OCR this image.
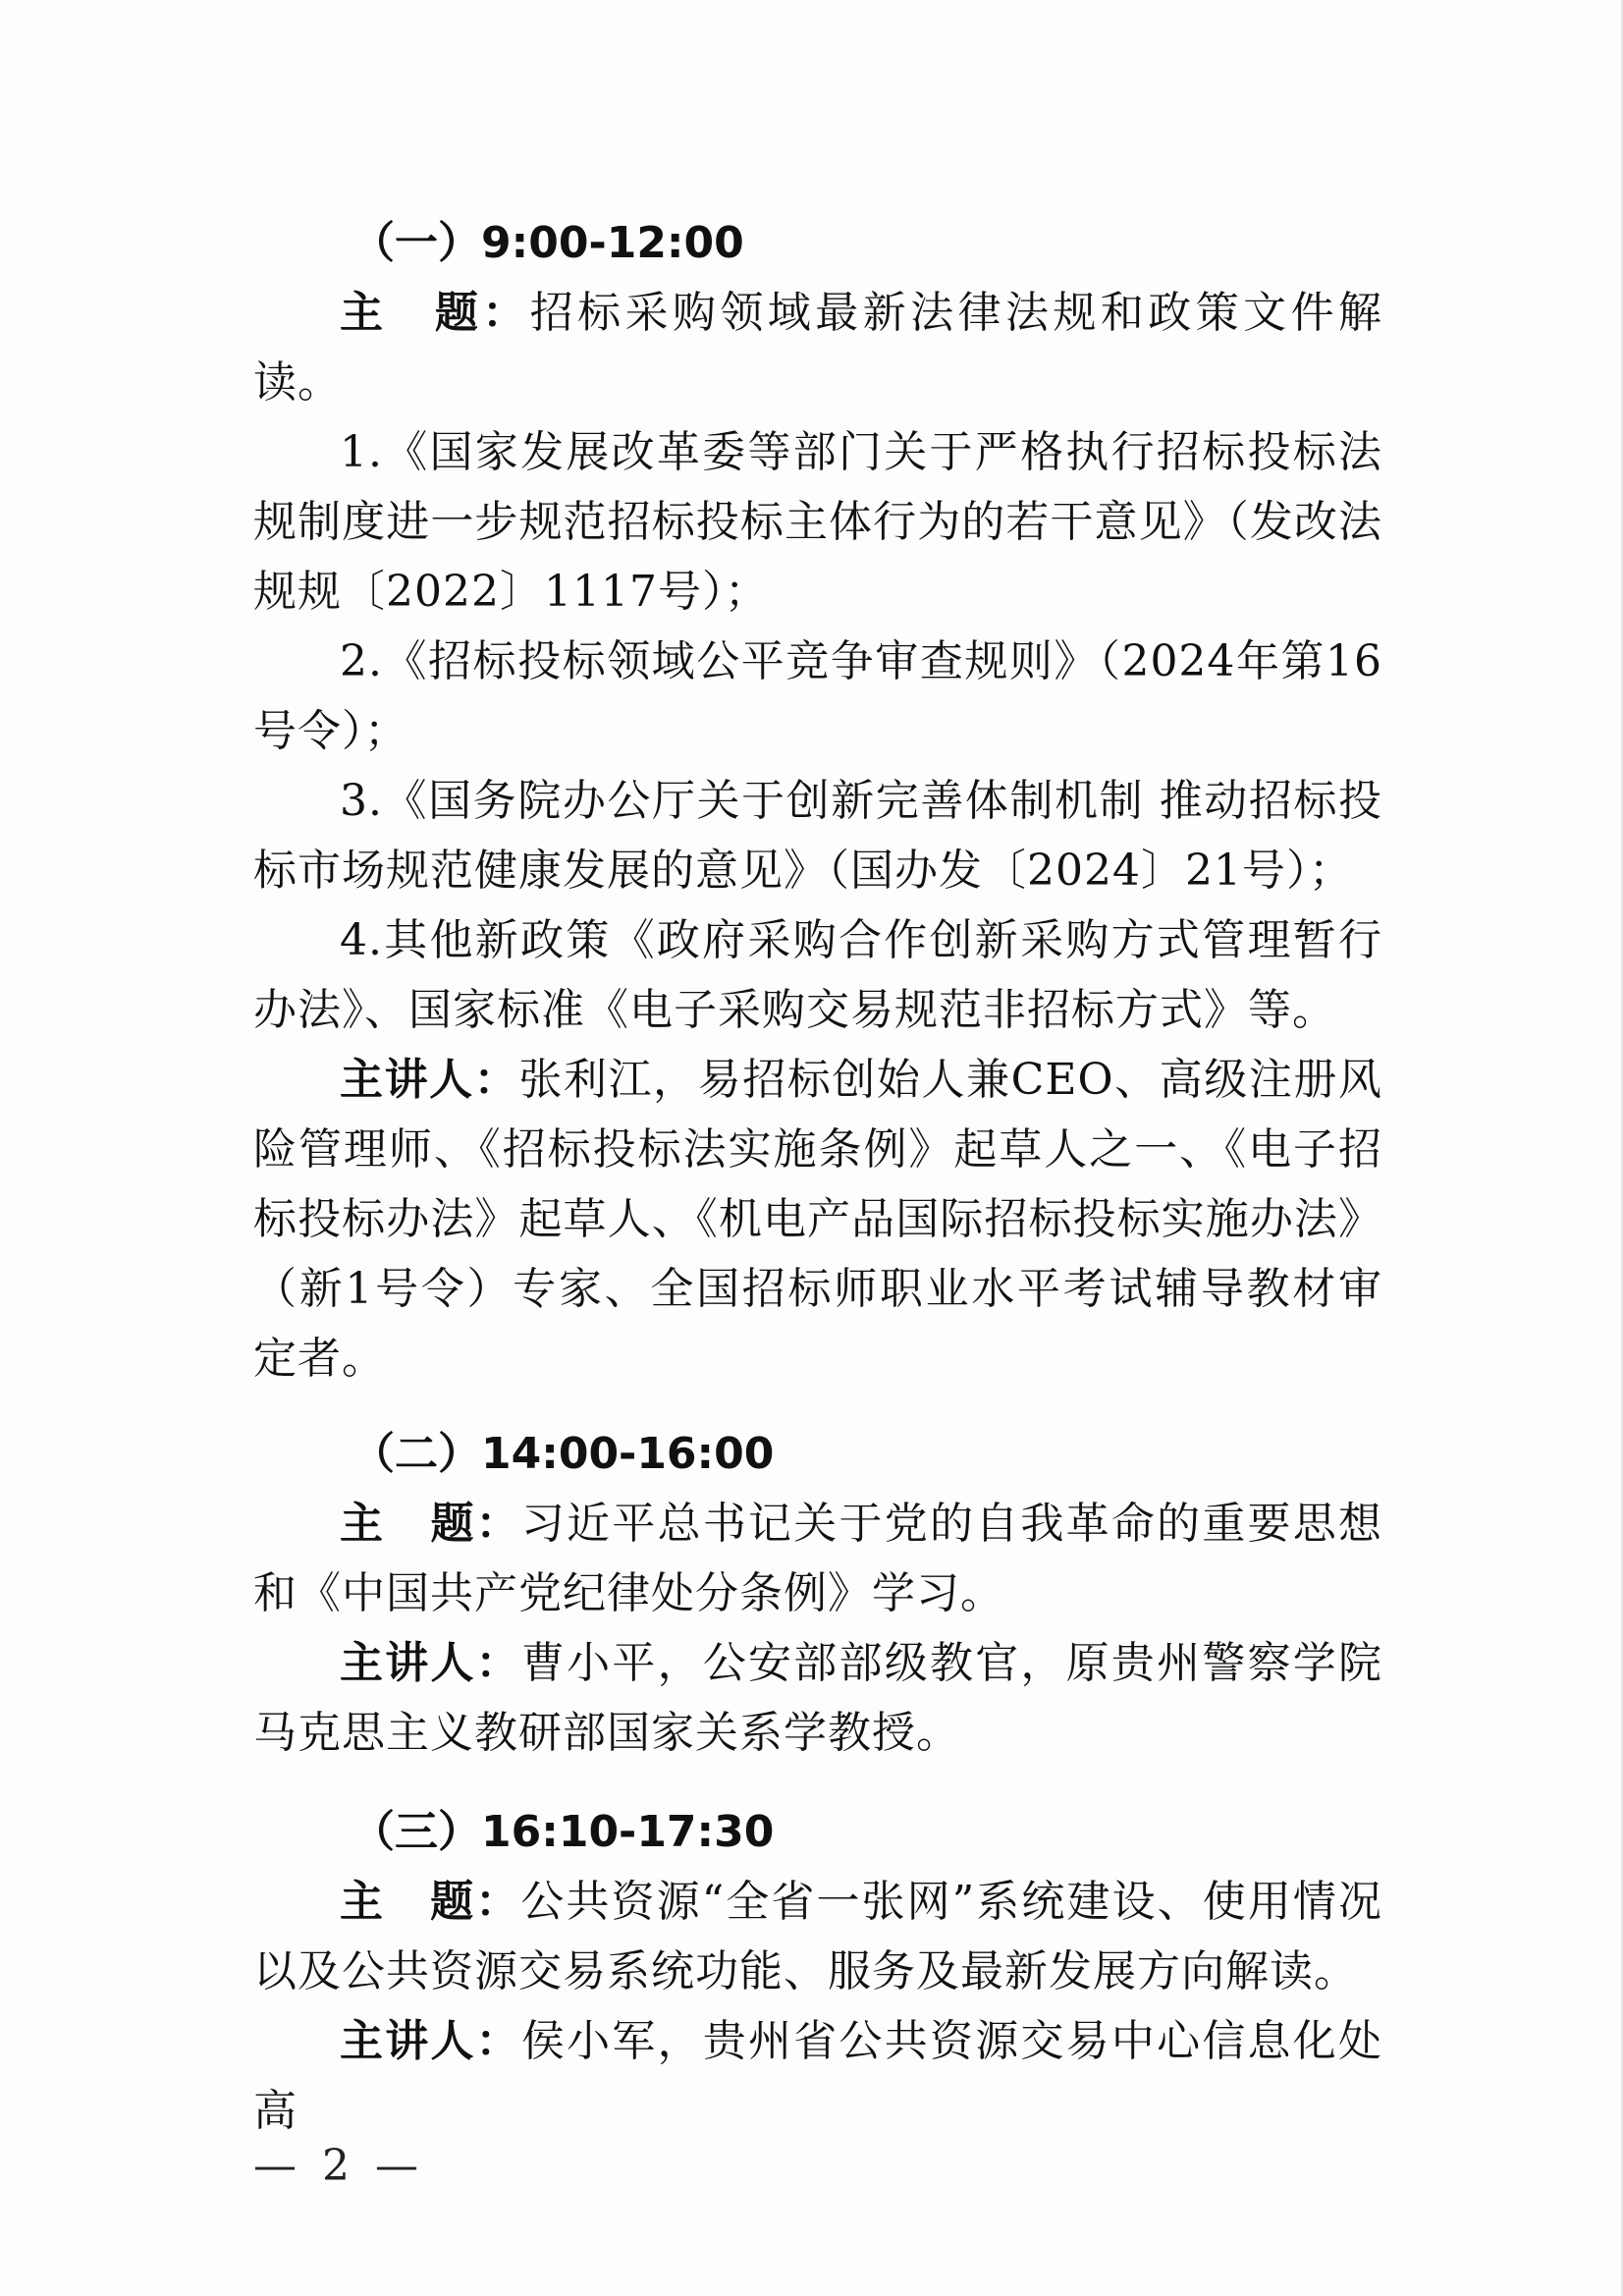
（一）9:00-12:00

主　题：招标采购领域最新法律法规和政策文件解读。

1.《国家发展改革委等部门关于严格执行招标投标法规制度进一步规范招标投标主体行为的若干意见》（发改法规规〔2022〕1117号）；

2.《招标投标领域公平竞争审查规则》（2024年第16号令）；

3.《国务院办公厅关于创新完善体制机制 推动招标投标市场规范健康发展的意见》（国办发〔2024〕21号）；

4.其他新政策《政府采购合作创新采购方式管理暂行办法》、国家标准《电子采购交易规范非招标方式》等。

主讲人：张利江，易招标创始人兼CEO、高级注册风险管理师、《招标投标法实施条例》起草人之一、《电子招标投标办法》起草人、《机电产品国际招标投标实施办法》（新1号令）专家、全国招标师职业水平考试辅导教材审定者。

（二）14:00-16:00

主　题：习近平总书记关于党的自我革命的重要思想和《中国共产党纪律处分条例》学习。

主讲人：曹小平，公安部部级教官，原贵州警察学院马克思主义教研部国家关系学教授。

（三）16:10-17:30

主　题：公共资源“全省一张网”系统建设、使用情况以及公共资源交易系统功能、服务及最新发展方向解读。

主讲人：侯小军，贵州省公共资源交易中心信息化处高

— 2 —
